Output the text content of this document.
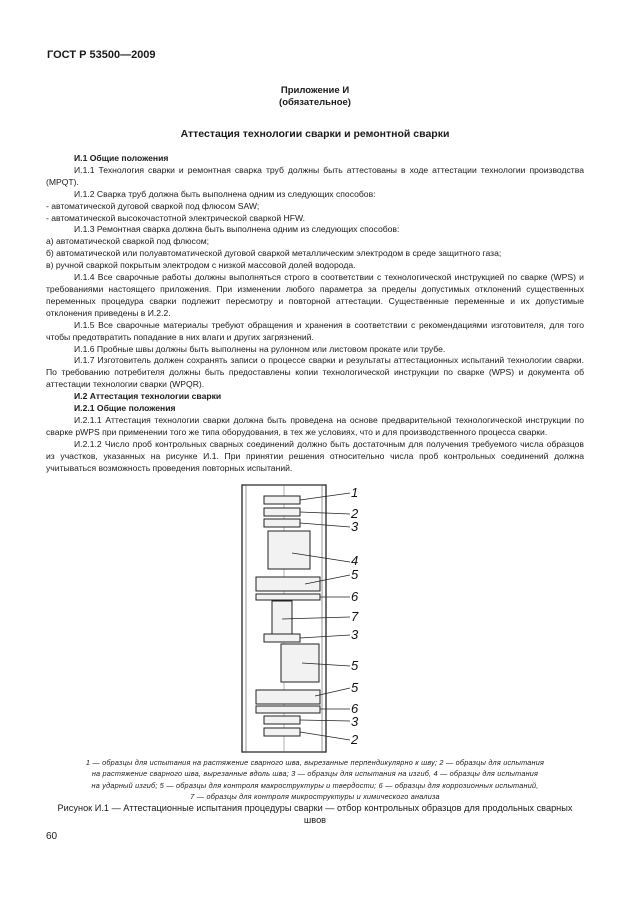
ГОСТ Р 53500—2009
Приложение И
(обязательное)
Аттестация технологии сварки и ремонтной сварки

И.1 Общие положения

И.1.1 Технология сварки и ремонтная сварка труб должны быть аттестованы в ходе аттестации технологии производства (MPQT).

И.1.2 Сварка труб должна быть выполнена одним из следующих способов:

- автоматической дуговой сваркой под флюсом SAW;

- автоматической высокочастотной электрической сваркой HFW.

И.1.3 Ремонтная сварка должна быть выполнена одним из следующих способов:

а) автоматической сваркой под флюсом;

б) автоматической или полуавтоматической дуговой сваркой металлическим электродом в среде защитного газа;

в) ручной сваркой покрытым электродом с низкой массовой долей водорода.

И.1.4 Все сварочные работы должны выполняться строго в соответствии с технологической инструкцией по сварке (WPS) и требованиями настоящего приложения. При изменении любого параметра за пределы допустимых отклонений существенных переменных процедура сварки подлежит пересмотру и повторной аттестации. Существенные переменные и их допустимые отклонения приведены в И.2.2.

И.1.5 Все сварочные материалы требуют обращения и хранения в соответствии с рекомендациями изготовителя, для того чтобы предотвратить попадание в них влаги и других загрязнений.

И.1.6 Пробные швы должны быть выполнены на рулонном или листовом прокате или трубе.

И.1.7 Изготовитель должен сохранять записи о процессе сварки и результаты аттестационных испытаний технологии сварки. По требованию потребителя должны быть предоставлены копии технологической инструкции по сварке (WPS) и документа об аттестации технологии сварки (WPQR).

И.2 Аттестация технологии сварки

И.2.1 Общие положения

И.2.1.1 Аттестация технологии сварки должна быть проведена на основе предварительной технологической инструкции по сварке pWPS при применении того же типа оборудования, в тех же условиях, что и для производственного процесса сварки.

И.2.1.2 Число проб контрольных сварных соединений должно быть достаточным для получения требуемого числа образцов из участков, указанных на рисунке И.1. При принятии решения относительно числа проб контрольных соединений должна учитываться возможность проведения повторных испытаний.

1
2
3
4
5
6
7
3
5
5
6
3
2
1 — образцы для испытания на растяжение сварного шва, вырезанные перпендикулярно к шву; 2 — образцы для испытания
на растяжение сварного шва, вырезанные вдоль шва; 3 — образцы для испытания на изгиб, 4 — образцы для испытания
на ударный изгиб; 5 — образцы для контроля макроструктуры и твердости; 6 — образцы для коррозионных испытаний,
7 — образцы для контроля микроструктуры и химического анализа
Рисунок И.1 — Аттестационные испытания процедуры сварки — отбор контрольных образцов для продольных сварных швов
60
